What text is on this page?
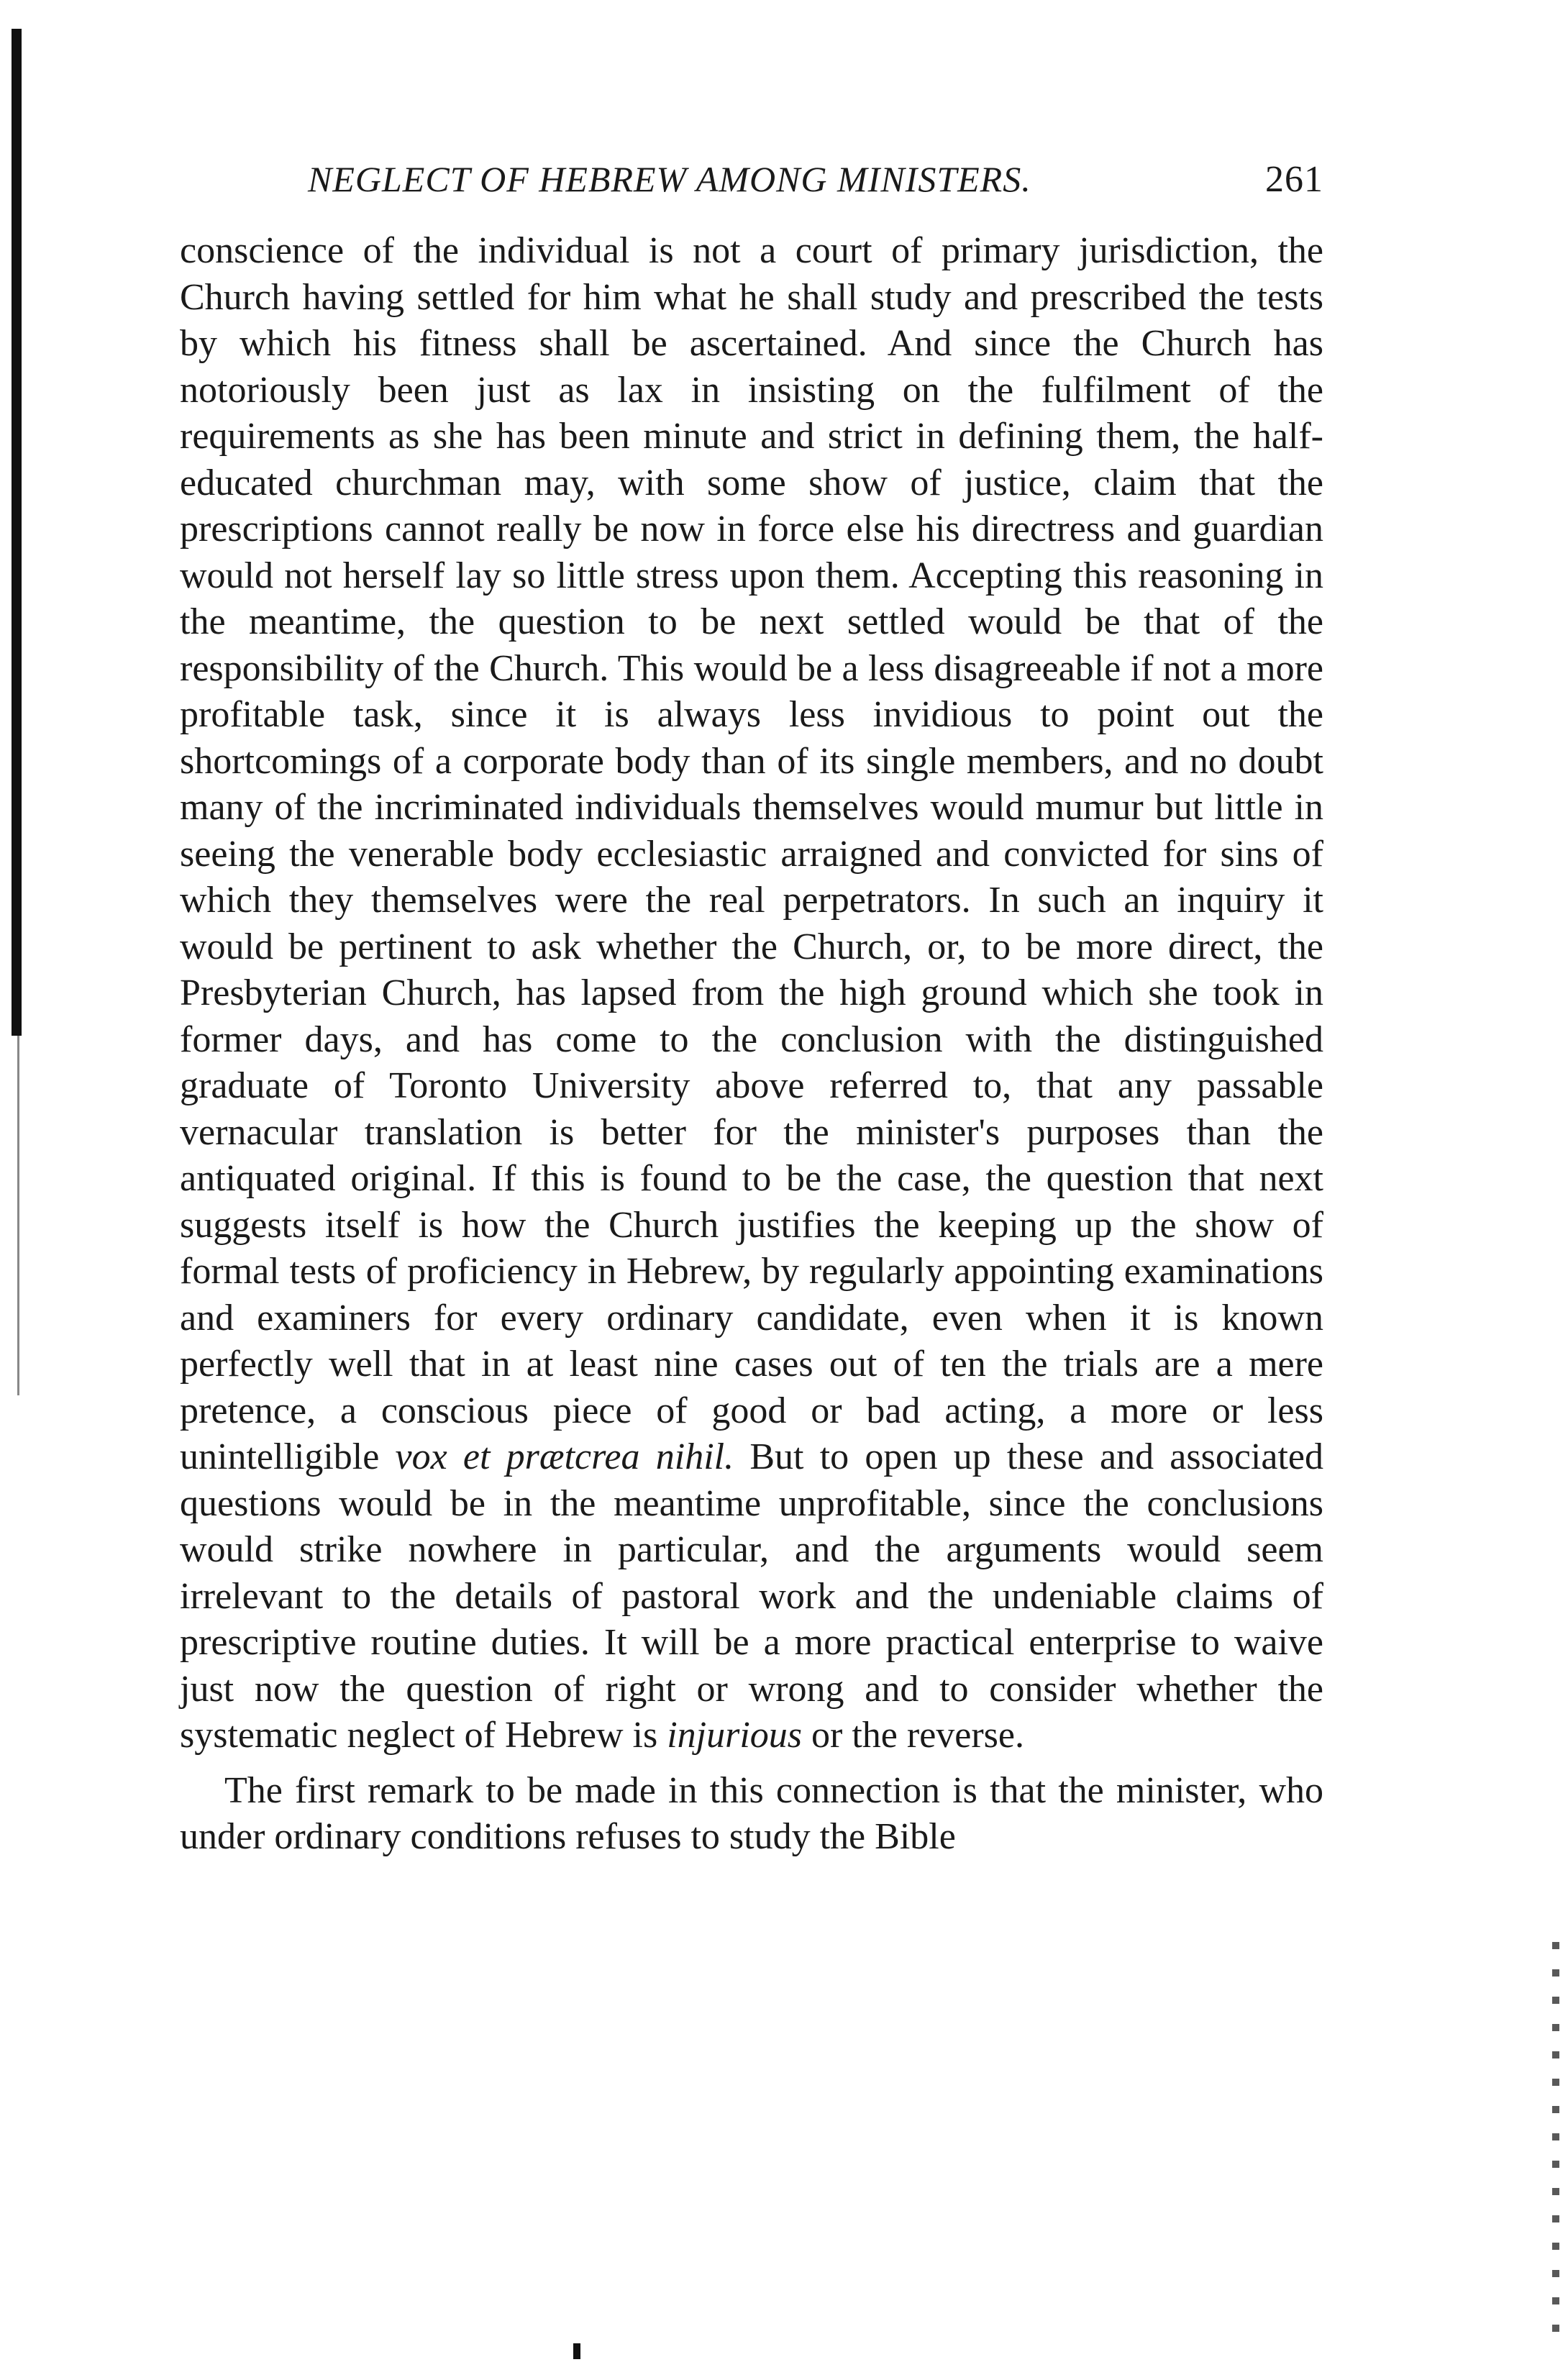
NEGLECT OF HEBREW AMONG MINISTERS.	261

conscience of the individual is not a court of primary jurisdiction, the Church having settled for him what he shall study and prescribed the tests by which his fitness shall be ascertained. And since the Church has notoriously been just as lax in insisting on the fulfilment of the requirements as she has been minute and strict in defining them, the half-educated churchman may, with some show of justice, claim that the prescriptions cannot really be now in force else his directress and guardian would not herself lay so little stress upon them. Accepting this reasoning in the meantime, the question to be next settled would be that of the responsibility of the Church. This would be a less disagreeable if not a more profitable task, since it is always less invidious to point out the shortcomings of a corporate body than of its single members, and no doubt many of the incriminated individuals themselves would mumur but little in seeing the venerable body ecclesiastic arraigned and convicted for sins of which they themselves were the real perpetrators. In such an inquiry it would be pertinent to ask whether the Church, or, to be more direct, the Presbyterian Church, has lapsed from the high ground which she took in former days, and has come to the conclusion with the distinguished graduate of Toronto University above referred to, that any passable vernacular translation is better for the minister's purposes than the antiquated original. If this is found to be the case, the question that next suggests itself is how the Church justifies the keeping up the show of formal tests of proficiency in Hebrew, by regularly appointing examinations and examiners for every ordinary candidate, even when it is known perfectly well that in at least nine cases out of ten the trials are a mere pretence, a conscious piece of good or bad acting, a more or less unintelligible vox et prætcrea nihil. But to open up these and associated questions would be in the meantime unprofitable, since the conclusions would strike nowhere in particular, and the arguments would seem irrelevant to the details of pastoral work and the undeniable claims of prescriptive routine duties. It will be a more practical enterprise to waive just now the question of right or wrong and to consider whether the systematic neglect of Hebrew is injurious or the reverse.

The first remark to be made in this connection is that the minister, who under ordinary conditions refuses to study the Bible
